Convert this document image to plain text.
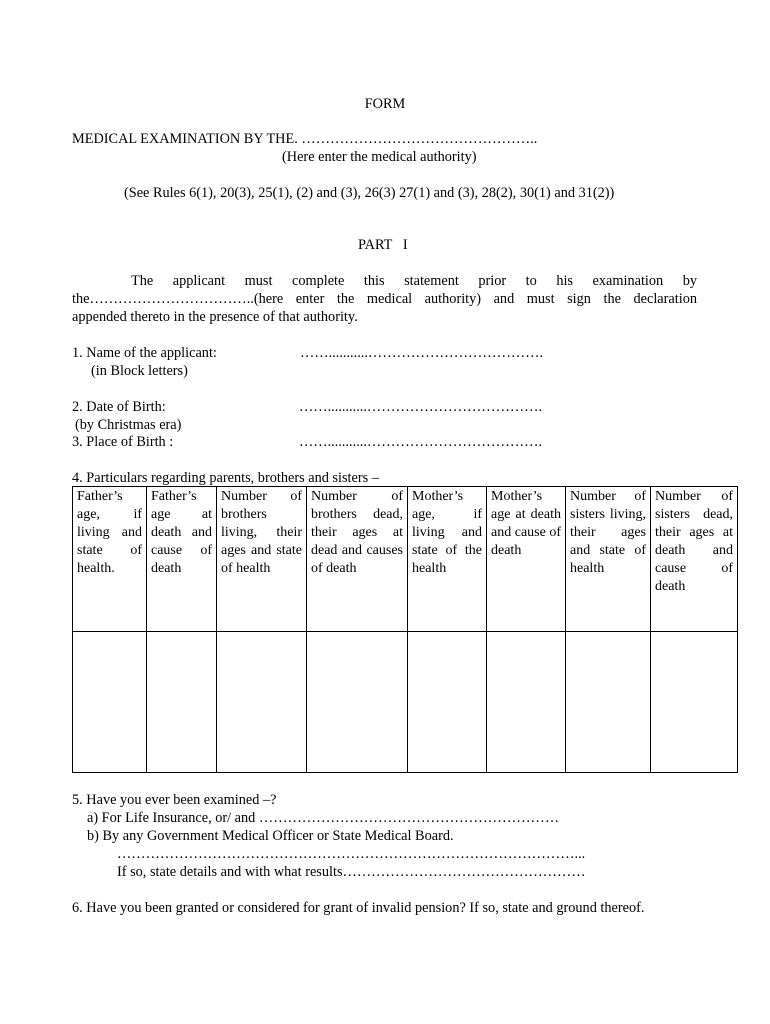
FORM
MEDICAL EXAMINATION BY THE. …………………………………………..
(Here enter the medical authority)
(See Rules 6(1), 20(3), 25(1), (2) and (3), 26(3) 27(1) and (3), 28(2), 30(1) and 31(2))
PART   I
The applicant must complete this statement prior to his examination by
the……………………………..(here enter the medical authority) and must sign the declaration
appended thereto in the presence of that authority.
1. Name of the applicant:	……...........……………………………….
(in Block letters)
2. Date of Birth:	……...........……………………………….
(by Christmas era)
3. Place of Birth :	……...........……………………………….
4. Particulars regarding parents, brothers and sisters –
Father’s age, if living and state of health.	Father’s age at death and cause of death	Number of brothers living, their ages and state of health	Number of brothers dead, their ages at dead and causes of death	Mother’s age, if living and state of the health	Mother’s age at death and cause of death	Number of sisters living, their ages and state of health	Number of sisters dead, their ages at death and cause of death

5. Have you ever been examined –?
a) For Life Insurance, or/ and ………………………………………………………
b) By any Government Medical Officer or State Medical Board.
……………………………………………………………………………………...
If so, state details and with what results……………………………………………
6. Have you been granted or considered for grant of invalid pension? If so, state and ground thereof.
